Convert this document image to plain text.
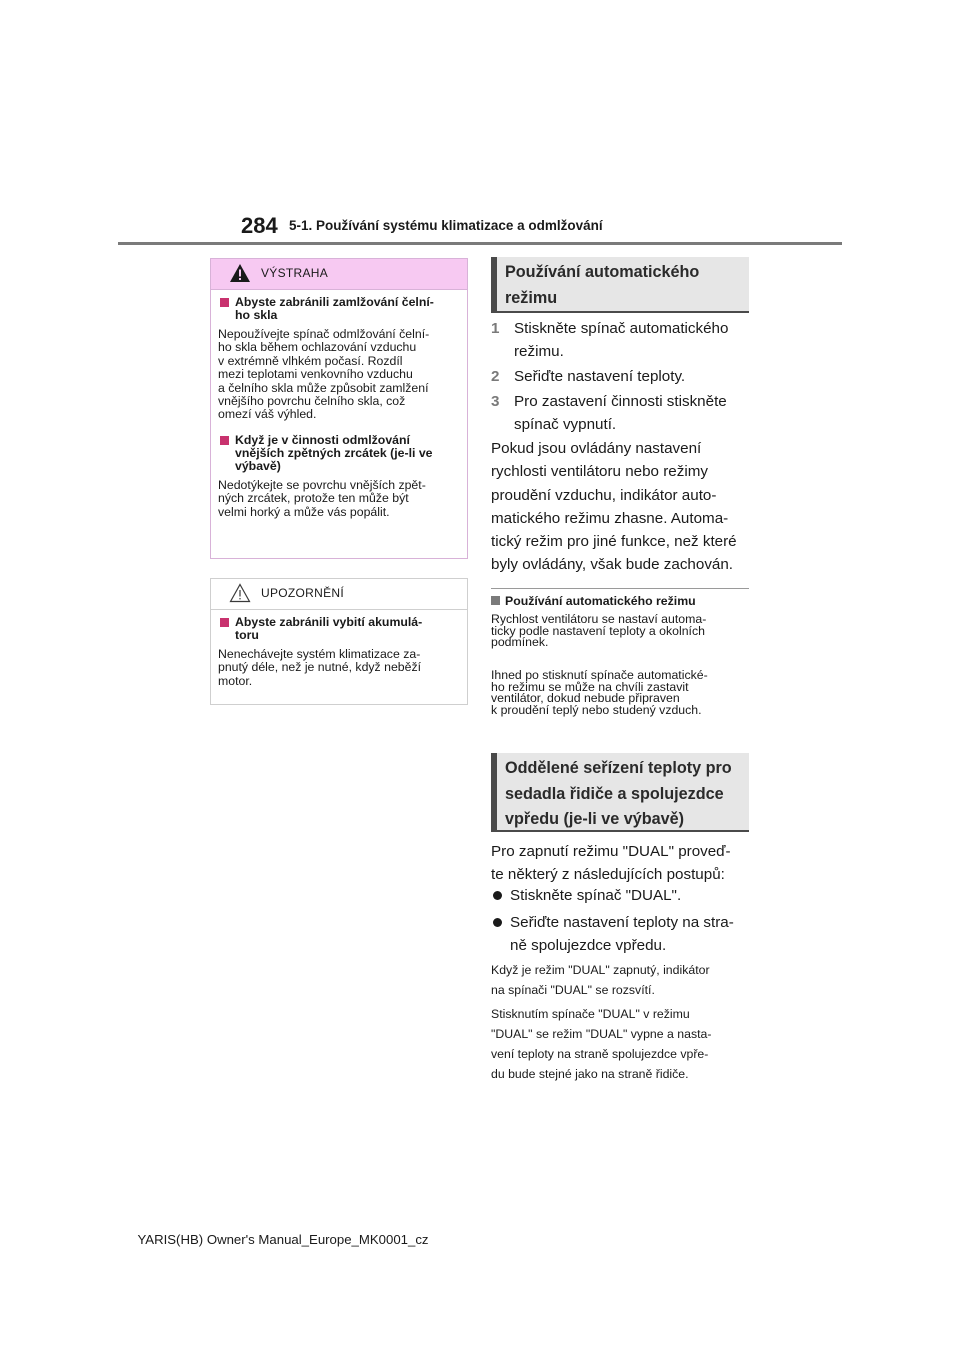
284 5-1. Používání systému klimatizace a odmlžování
VÝSTRAHA
Abyste zabránili zamlžování čelní-
ho skla
Nepoužívejte spínač odmlžování čelní-
ho skla během ochlazování vzduchu
v extrémně vlhkém počasí. Rozdíl
mezi teplotami venkovního vzduchu
a čelního skla může způsobit zamlžení
vnějšího povrchu čelního skla, což
omezí váš výhled.
Když je v činnosti odmlžování
vnějších zpětných zrcátek (je-li ve
výbavě)
Nedotýkejte se povrchu vnějších zpět-
ných zrcátek, protože ten může být
velmi horký a může vás popálit.
UPOZORNĚNÍ
Abyste zabránili vybití akumulá-
toru
Nenechávejte systém klimatizace za-
pnutý déle, než je nutné, když neběží
motor.
Používání automatického
režimu
1 Stiskněte spínač automatického
režimu.
2 Seřiďte nastavení teploty.
3 Pro zastavení činnosti stiskněte
spínač vypnutí.
Pokud jsou ovládány nastavení
rychlosti ventilátoru nebo režimy
proudění vzduchu, indikátor auto-
matického režimu zhasne. Automa-
tický režim pro jiné funkce, než které
byly ovládány, však bude zachován.
Používání automatického režimu
Rychlost ventilátoru se nastaví automa-
ticky podle nastavení teploty a okolních
podmínek.
Ihned po stisknutí spínače automatické-
ho režimu se může na chvíli zastavit
ventilátor, dokud nebude připraven
k proudění teplý nebo studený vzduch.
Oddělené seřízení teploty pro
sedadla řidiče a spolujezdce
vpředu (je-li ve výbavě)
Pro zapnutí režimu "DUAL" proveď-
te některý z následujících postupů:
Stiskněte spínač "DUAL".
Seřiďte nastavení teploty na stra-
ně spolujezdce vpředu.
Když je režim "DUAL" zapnutý, indikátor
na spínači "DUAL" se rozsvítí.
Stisknutím spínače "DUAL" v režimu
"DUAL" se režim "DUAL" vypne a nasta-
vení teploty na straně spolujezdce vpře-
du bude stejné jako na straně řidiče.
YARIS(HB) Owner's Manual_Europe_MK0001_cz
